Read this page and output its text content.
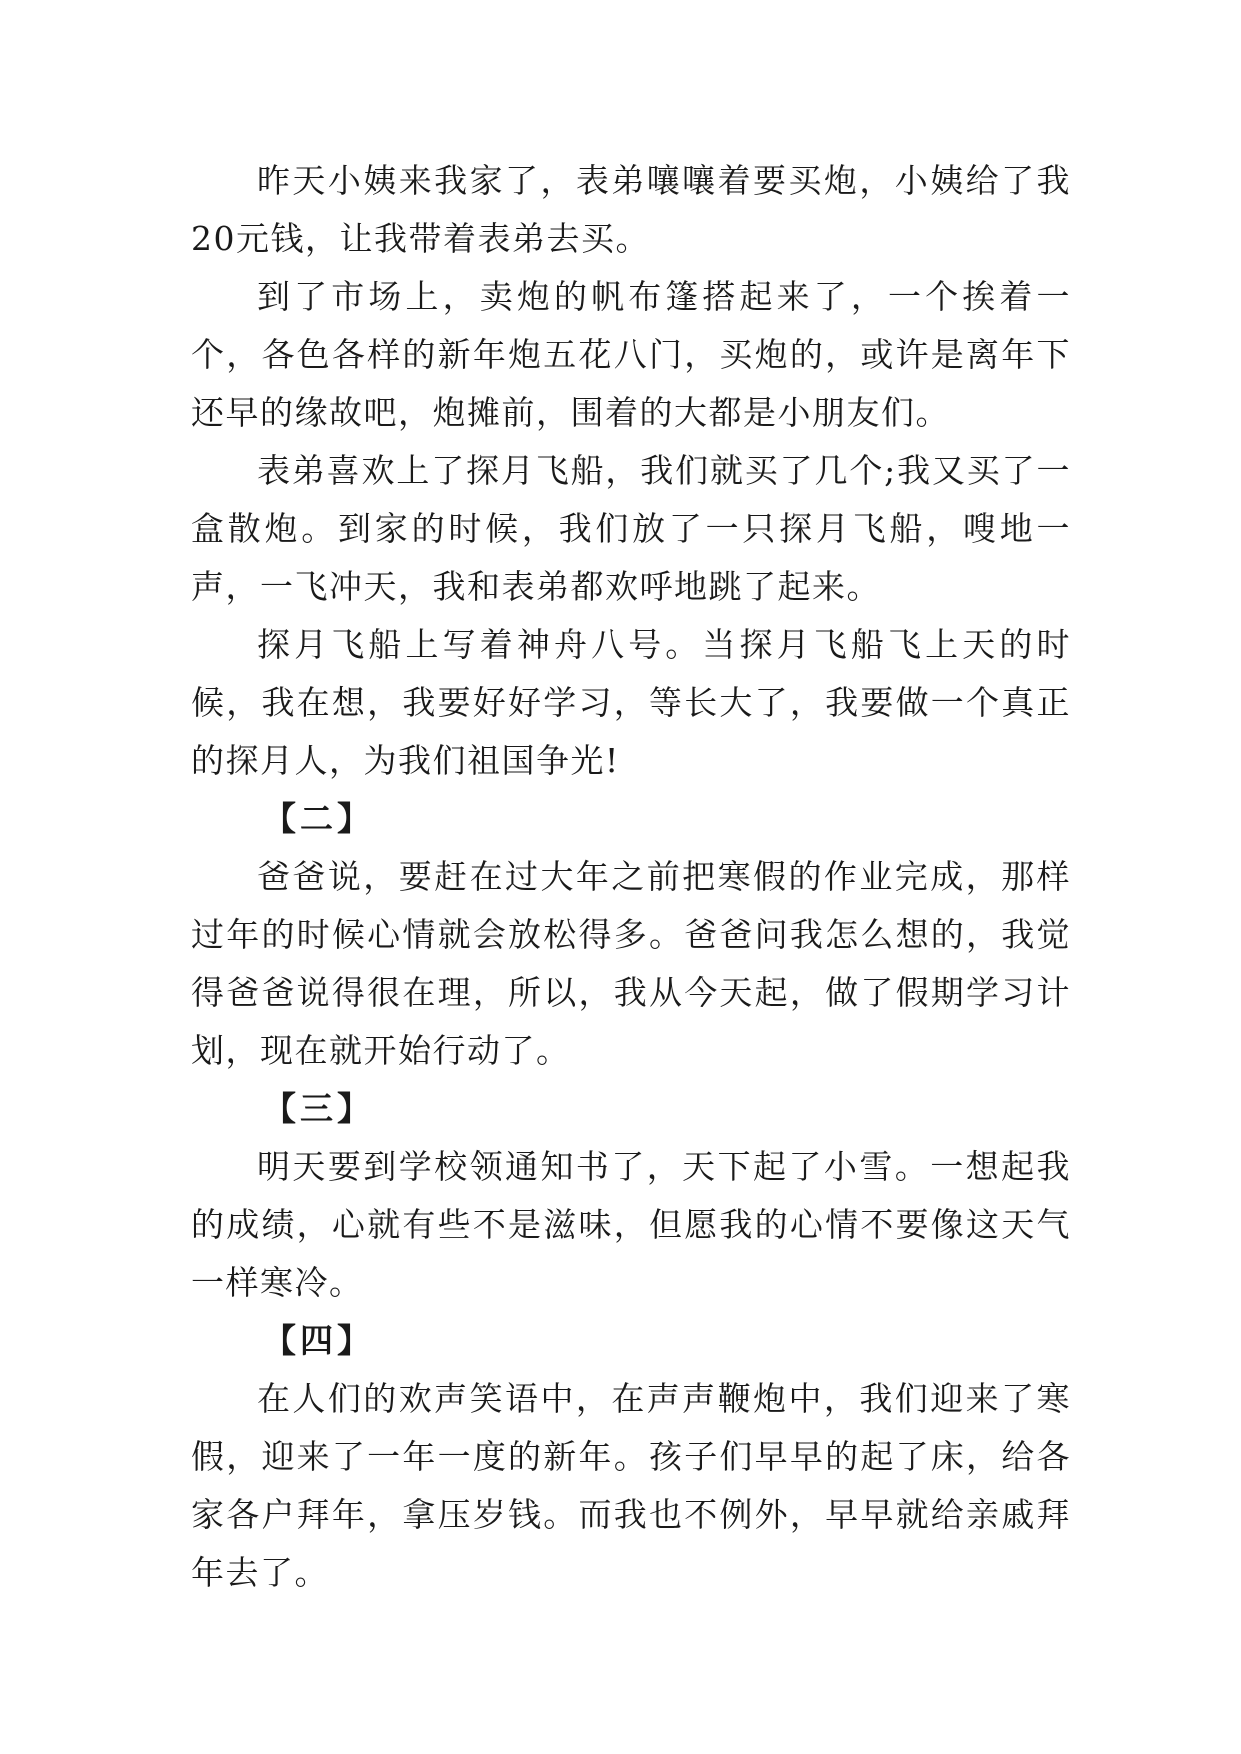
昨天小姨来我家了，表弟嚷嚷着要买炮，小姨给了我20元钱，让我带着表弟去买。

到了市场上，卖炮的帆布篷搭起来了，一个挨着一个，各色各样的新年炮五花八门，买炮的，或许是离年下还早的缘故吧，炮摊前，围着的大都是小朋友们。

表弟喜欢上了探月飞船，我们就买了几个;我又买了一盒散炮。到家的时候，我们放了一只探月飞船，嗖地一声，一飞冲天，我和表弟都欢呼地跳了起来。

探月飞船上写着神舟八号。当探月飞船飞上天的时候，我在想，我要好好学习，等长大了，我要做一个真正的探月人，为我们祖国争光!

【二】

爸爸说，要赶在过大年之前把寒假的作业完成，那样过年的时候心情就会放松得多。爸爸问我怎么想的，我觉得爸爸说得很在理，所以，我从今天起，做了假期学习计划，现在就开始行动了。

【三】

明天要到学校领通知书了，天下起了小雪。一想起我的成绩，心就有些不是滋味，但愿我的心情不要像这天气一样寒冷。

【四】

在人们的欢声笑语中，在声声鞭炮中，我们迎来了寒假，迎来了一年一度的新年。孩子们早早的起了床，给各家各户拜年，拿压岁钱。而我也不例外，早早就给亲戚拜年去了。
